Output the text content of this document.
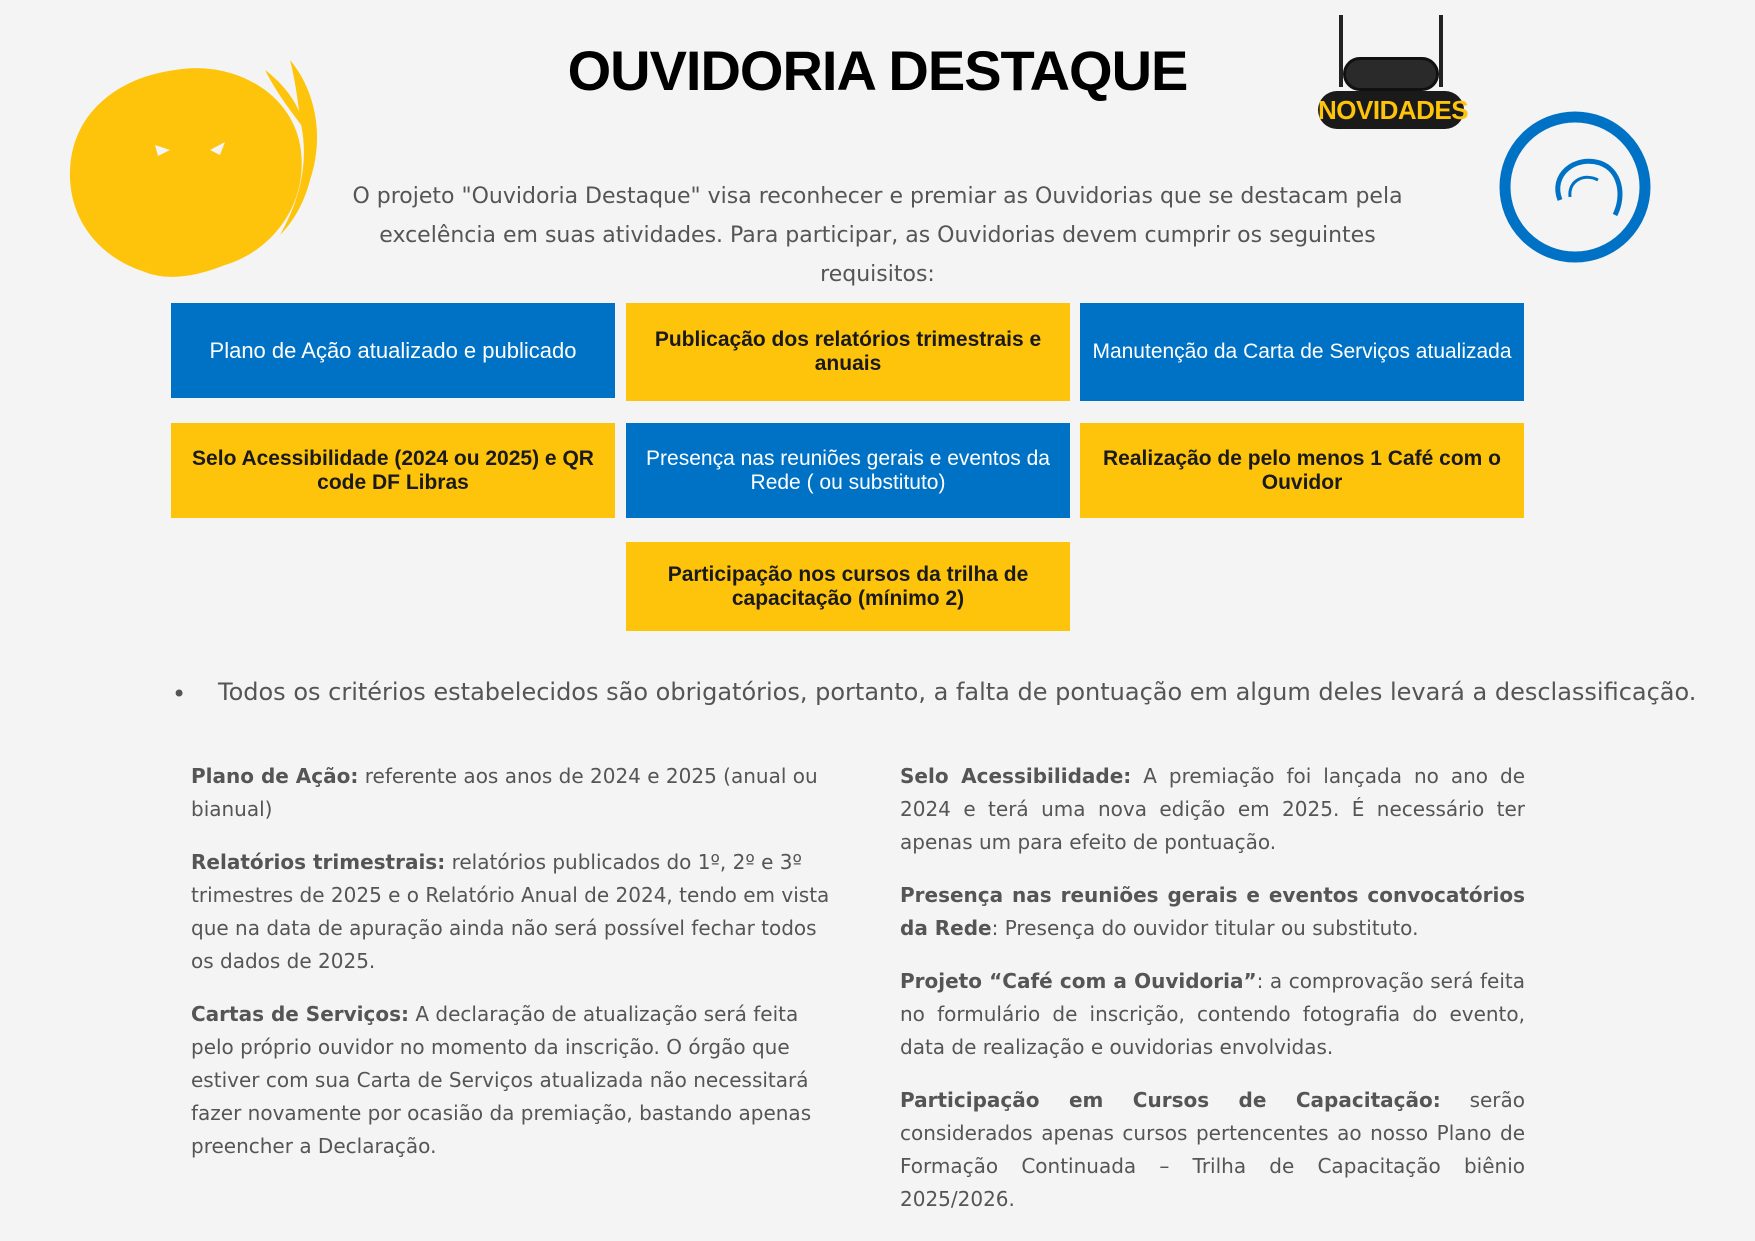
NOVIDADES
OUVIDORIA DESTAQUE
O projeto "Ouvidoria Destaque" visa reconhecer e premiar as Ouvidorias que se destacam pela excelência em suas atividades. Para participar, as Ouvidorias devem cumprir os seguintes requisitos:
Plano de Ação atualizado e publicado	Publicação dos relatórios trimestrais e anuais
Manutenção da Carta de Serviços atualizada
Selo Acessibilidade (2024 ou 2025) e QR code DF Libras
Presença nas reuniões gerais e eventos da Rede ( ou substituto)
Realização de pelo menos 1 Café com o Ouvidor
Participação nos cursos da trilha de capacitação (mínimo 2)
• Todos os critérios estabelecidos são obrigatórios, portanto, a falta de pontuação em algum deles levará a desclassificação.

Plano de Ação: referente aos anos de 2024 e 2025 (anual ou bianual)

Relatórios trimestrais: relatórios publicados do 1º, 2º e 3º trimestres de 2025 e o Relatório Anual de 2024, tendo em vista que na data de apuração ainda não será possível fechar todos os dados de 2025.

Cartas de Serviços: A declaração de atualização será feita pelo próprio ouvidor no momento da inscrição. O órgão que estiver com sua Carta de Serviços atualizada não necessitará fazer novamente por ocasião da premiação, bastando apenas preencher a Declaração.

Selo Acessibilidade: A premiação foi lançada no ano de 2024 e terá uma nova edição em 2025. É necessário ter apenas um para efeito de pontuação.

Presença nas reuniões gerais e eventos convocatórios da Rede: Presença do ouvidor titular ou substituto.

Projeto “Café com a Ouvidoria”: a comprovação será feita no formulário de inscrição, contendo fotografia do evento, data de realização e ouvidorias envolvidas.

Participação em Cursos de Capacitação: serão considerados apenas cursos pertencentes ao nosso Plano de Formação Continuada – Trilha de Capacitação biênio 2025/2026.
